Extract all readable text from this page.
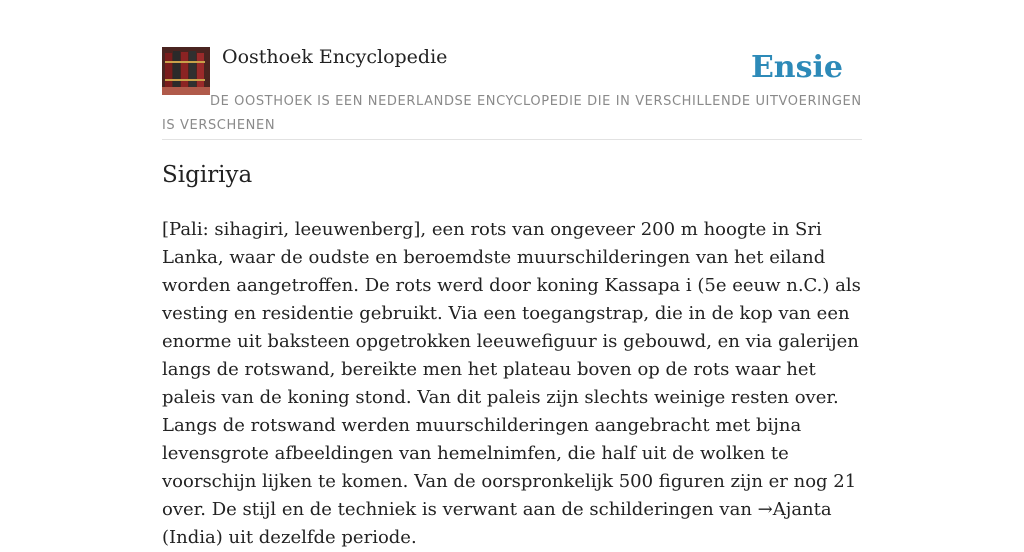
Oosthoek Encyclopedie	Ensie
DE OOSTHOEK IS EEN NEDERLANDSE ENCYCLOPEDIE DIE IN VERSCHILLENDE UITVOERINGEN IS VERSCHENEN
Sigiriya

[Pali: sihagiri, leeuwenberg], een rots van ongeveer 200 m hoogte in Sri Lanka, waar de oudste en beroemdste muurschilderingen van het eiland worden aangetroffen. De rots werd door koning Kassapa i (5e eeuw n.C.) als vesting en residentie gebruikt. Via een toegangstrap, die in de kop van een enorme uit baksteen opgetrokken leeuwefiguur is gebouwd, en via galerijen langs de rotswand, bereikte men het plateau boven op de rots waar het paleis van de koning stond. Van dit paleis zijn slechts weinige resten over. Langs de rotswand werden muurschilderingen aangebracht met bijna levensgrote afbeeldingen van hemelnimfen, die half uit de wolken te voorschijn lijken te komen. Van de oorspronkelijk 500 figuren zijn er nog 21 over. De stijl en de techniek is verwant aan de schilderingen van →Ajanta (India) uit dezelfde periode.
